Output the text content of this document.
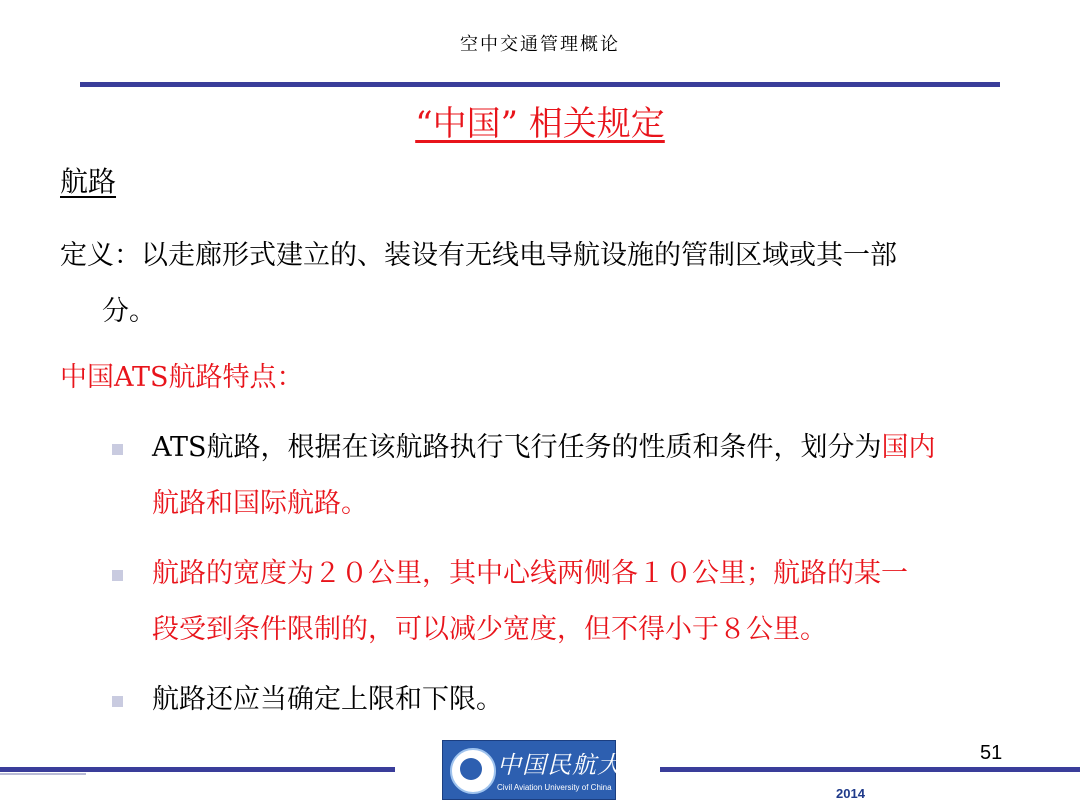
空中交通管理概论
“中国” 相关规定
航路
定义：以走廊形式建立的、装设有无线电导航设施的管制区域或其一部
分。
中国ATS航路特点：
ATS航路，根据在该航路执行飞行任务的性质和条件，划分为国内
航路和国际航路。
航路的宽度为２０公里，其中心线两侧各１０公里；航路的某一
段受到条件限制的，可以减少宽度，但不得小于８公里。
航路还应当确定上限和下限。
51
中国民航大学
Civil Aviation University of China	2014
